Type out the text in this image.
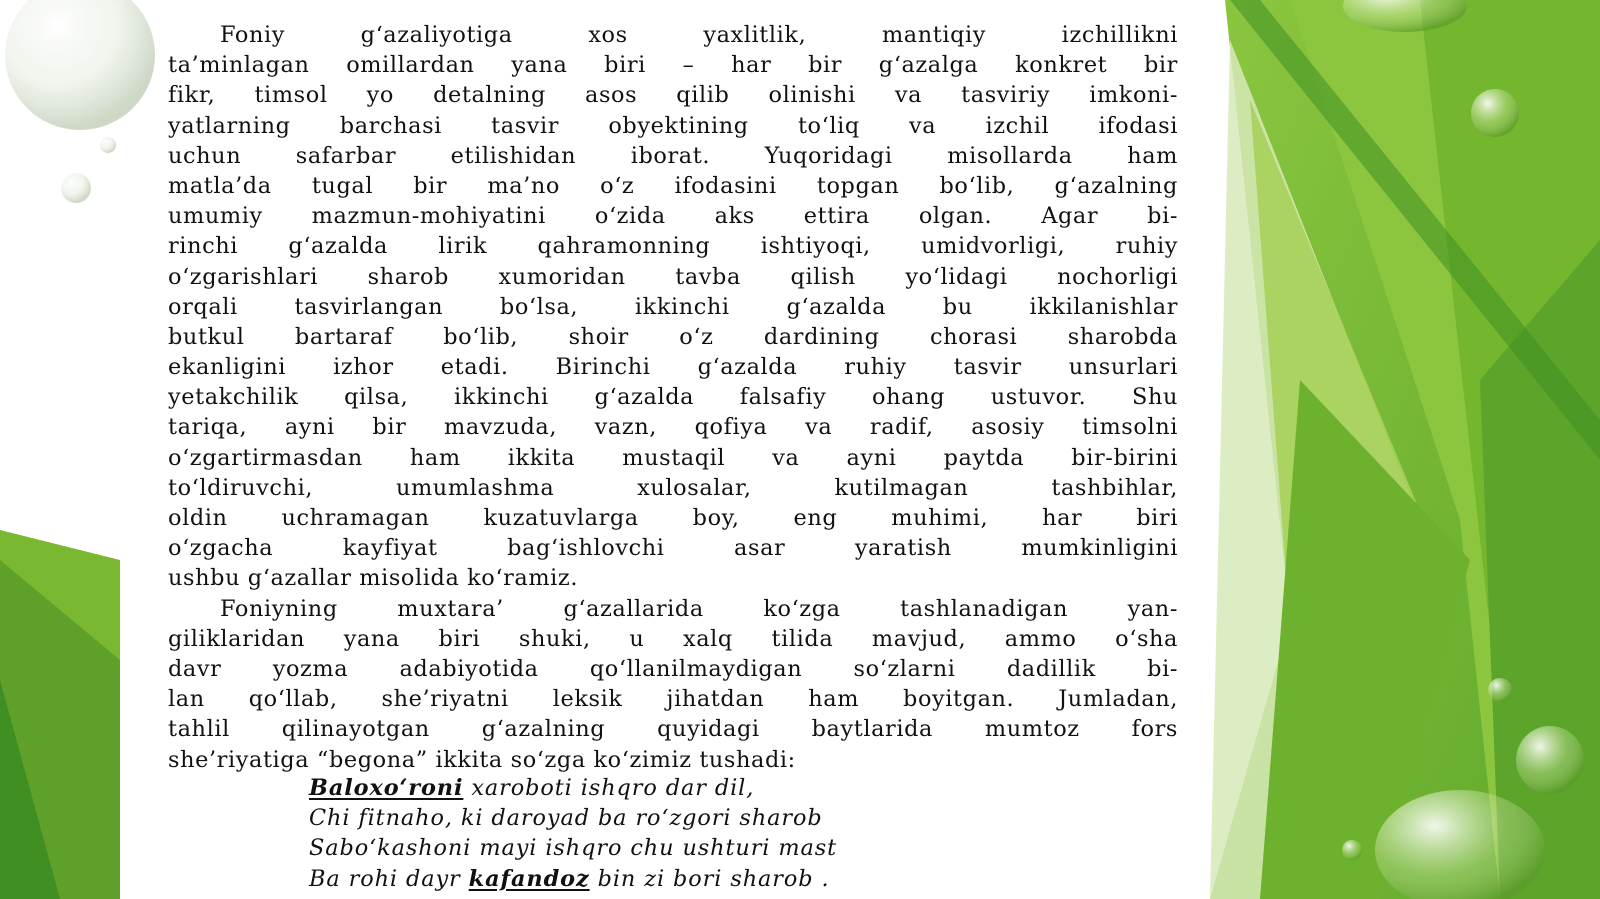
Foniy g‘azaliyotiga xos yaxlitlik, mantiqiy izchillikni
ta’minlagan omillardan yana biri – har bir g‘azalga konkret bir
fikr, timsol yo detalning asos qilib olinishi va tasviriy imkoni-
yatlarning barchasi tasvir obyektining to‘liq va izchil ifodasi
uchun safarbar etilishidan iborat. Yuqoridagi misollarda ham
matla’da tugal bir ma’no o‘z ifodasini topgan bo‘lib, g‘azalning
umumiy mazmun-mohiyatini o‘zida aks ettira olgan. Agar bi-
rinchi g‘azalda lirik qahramonning ishtiyoqi, umidvorligi, ruhiy
o‘zgarishlari sharob xumoridan tavba qilish yo‘lidagi nochorligi
orqali tasvirlangan bo‘lsa, ikkinchi g‘azalda bu ikkilanishlar
butkul bartaraf bo‘lib, shoir o‘z dardining chorasi sharobda
ekanligini izhor etadi. Birinchi g‘azalda ruhiy tasvir unsurlari
yetakchilik qilsa, ikkinchi g‘azalda falsafiy ohang ustuvor. Shu
tariqa, ayni bir mavzuda, vazn, qofiya va radif, asosiy timsolni
o‘zgartirmasdan ham ikkita mustaqil va ayni paytda bir-birini
to‘ldiruvchi, umumlashma xulosalar, kutilmagan tashbihlar,
oldin uchramagan kuzatuvlarga boy, eng muhimi, har biri
o‘zgacha kayfiyat bag‘ishlovchi asar yaratish mumkinligini
ushbu g‘azallar misolida ko‘ramiz.
Foniyning muxtara’ g‘azallarida ko‘zga tashlanadigan yan-
giliklaridan yana biri shuki, u xalq tilida mavjud, ammo o‘sha
davr yozma adabiyotida qo‘llanilmaydigan so‘zlarni dadillik bi-
lan qo‘llab, she’riyatni leksik jihatdan ham boyitgan. Jumladan,
tahlil qilinayotgan g‘azalning quyidagi baytlarida mumtoz fors
she’riyatiga “begona” ikkita so‘zga ko‘zimiz tushadi:
Baloxo‘roni xaroboti ishqro dar dil,
Chi fitnaho, ki daroyad ba ro‘zgori sharob
Sabo‘kashoni mayi ishqro chu ushturi mast
Ba rohi dayr kafandoz bin zi bori sharob .
